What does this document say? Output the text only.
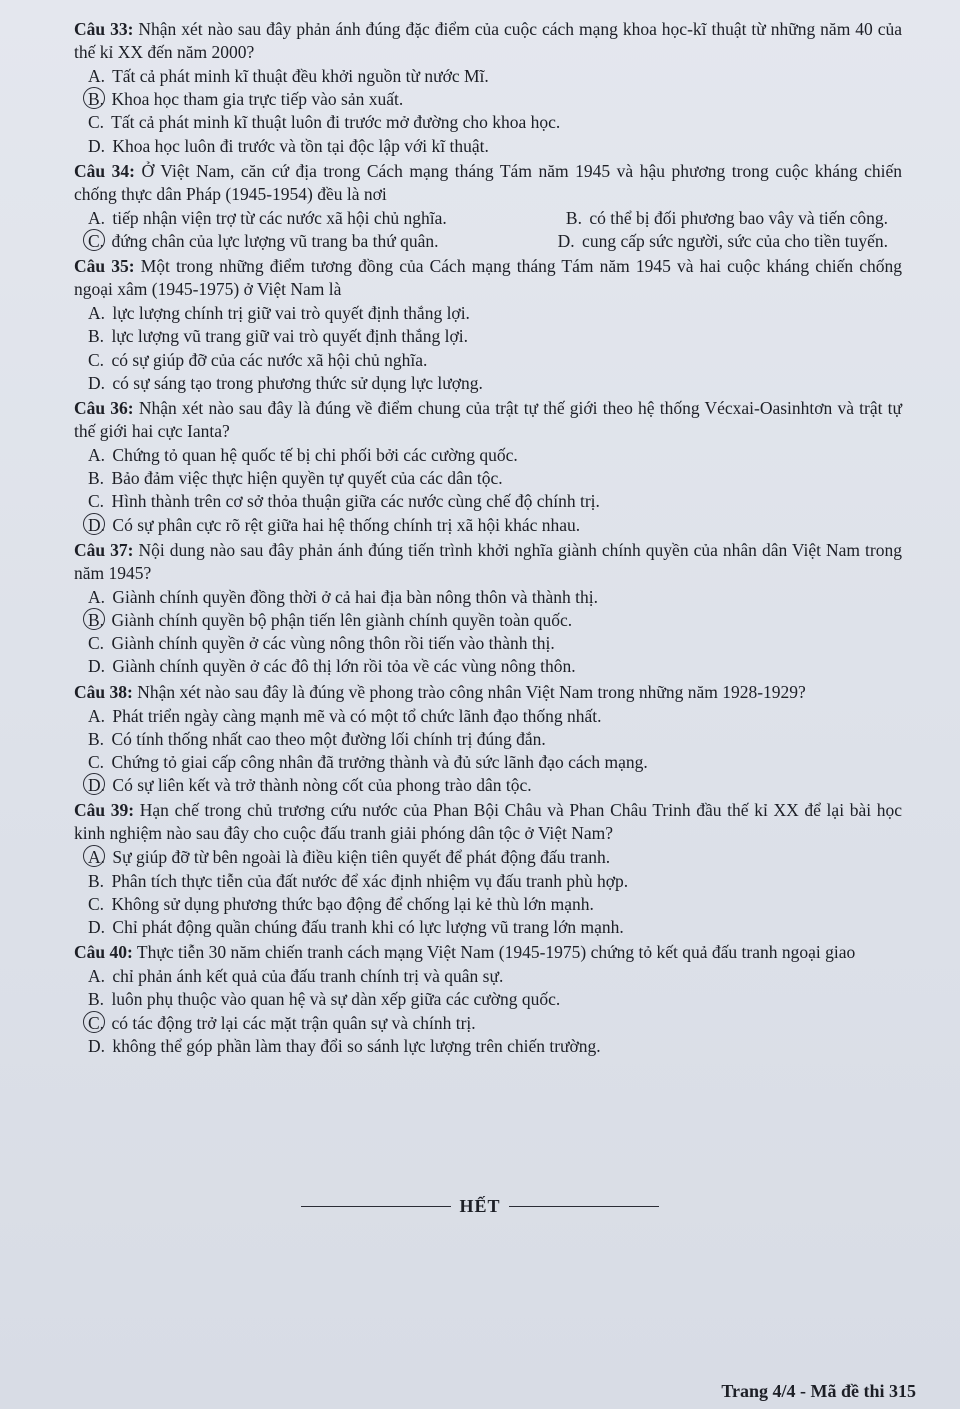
Câu 33: Nhận xét nào sau đây phản ánh đúng đặc điểm của cuộc cách mạng khoa học-kĩ thuật từ những năm 40 của thế kỉ XX đến năm 2000?
A. Tất cả phát minh kĩ thuật đều khởi nguồn từ nước Mĩ.
B. Khoa học tham gia trực tiếp vào sản xuất.
C. Tất cả phát minh kĩ thuật luôn đi trước mở đường cho khoa học.
D. Khoa học luôn đi trước và tồn tại độc lập với kĩ thuật.
Câu 34: Ở Việt Nam, căn cứ địa trong Cách mạng tháng Tám năm 1945 và hậu phương trong cuộc kháng chiến chống thực dân Pháp (1945-1954) đều là nơi
A. tiếp nhận viện trợ từ các nước xã hội chủ nghĩa.	B. có thể bị đối phương bao vây và tiến công.
C. đứng chân của lực lượng vũ trang ba thứ quân.	D. cung cấp sức người, sức của cho tiền tuyến.
Câu 35: Một trong những điểm tương đồng của Cách mạng tháng Tám năm 1945 và hai cuộc kháng chiến chống ngoại xâm (1945-1975) ở Việt Nam là
A. lực lượng chính trị giữ vai trò quyết định thắng lợi.
B. lực lượng vũ trang giữ vai trò quyết định thắng lợi.
C. có sự giúp đỡ của các nước xã hội chủ nghĩa.
D. có sự sáng tạo trong phương thức sử dụng lực lượng.
Câu 36: Nhận xét nào sau đây là đúng về điểm chung của trật tự thế giới theo hệ thống Vécxai-Oasinhtơn và trật tự thế giới hai cực Ianta?
A. Chứng tỏ quan hệ quốc tế bị chi phối bởi các cường quốc.
B. Bảo đảm việc thực hiện quyền tự quyết của các dân tộc.
C. Hình thành trên cơ sở thỏa thuận giữa các nước cùng chế độ chính trị.
D. Có sự phân cực rõ rệt giữa hai hệ thống chính trị xã hội khác nhau.
Câu 37: Nội dung nào sau đây phản ánh đúng tiến trình khởi nghĩa giành chính quyền của nhân dân Việt Nam trong năm 1945?
A. Giành chính quyền đồng thời ở cả hai địa bàn nông thôn và thành thị.
B. Giành chính quyền bộ phận tiến lên giành chính quyền toàn quốc.
C. Giành chính quyền ở các vùng nông thôn rồi tiến vào thành thị.
D. Giành chính quyền ở các đô thị lớn rồi tỏa về các vùng nông thôn.
Câu 38: Nhận xét nào sau đây là đúng về phong trào công nhân Việt Nam trong những năm 1928-1929?
A. Phát triển ngày càng mạnh mẽ và có một tổ chức lãnh đạo thống nhất.
B. Có tính thống nhất cao theo một đường lối chính trị đúng đắn.
C. Chứng tỏ giai cấp công nhân đã trưởng thành và đủ sức lãnh đạo cách mạng.
D. Có sự liên kết và trở thành nòng cốt của phong trào dân tộc.
Câu 39: Hạn chế trong chủ trương cứu nước của Phan Bội Châu và Phan Châu Trinh đầu thế kỉ XX để lại bài học kinh nghiệm nào sau đây cho cuộc đấu tranh giải phóng dân tộc ở Việt Nam?
A. Sự giúp đỡ từ bên ngoài là điều kiện tiên quyết để phát động đấu tranh.
B. Phân tích thực tiễn của đất nước để xác định nhiệm vụ đấu tranh phù hợp.
C. Không sử dụng phương thức bạo động để chống lại kẻ thù lớn mạnh.
D. Chỉ phát động quần chúng đấu tranh khi có lực lượng vũ trang lớn mạnh.
Câu 40: Thực tiễn 30 năm chiến tranh cách mạng Việt Nam (1945-1975) chứng tỏ kết quả đấu tranh ngoại giao
A. chỉ phản ánh kết quả của đấu tranh chính trị và quân sự.
B. luôn phụ thuộc vào quan hệ và sự dàn xếp giữa các cường quốc.
C. có tác động trở lại các mặt trận quân sự và chính trị.
D. không thể góp phần làm thay đổi so sánh lực lượng trên chiến trường.
HẾT
Trang 4/4 - Mã đề thi 315
